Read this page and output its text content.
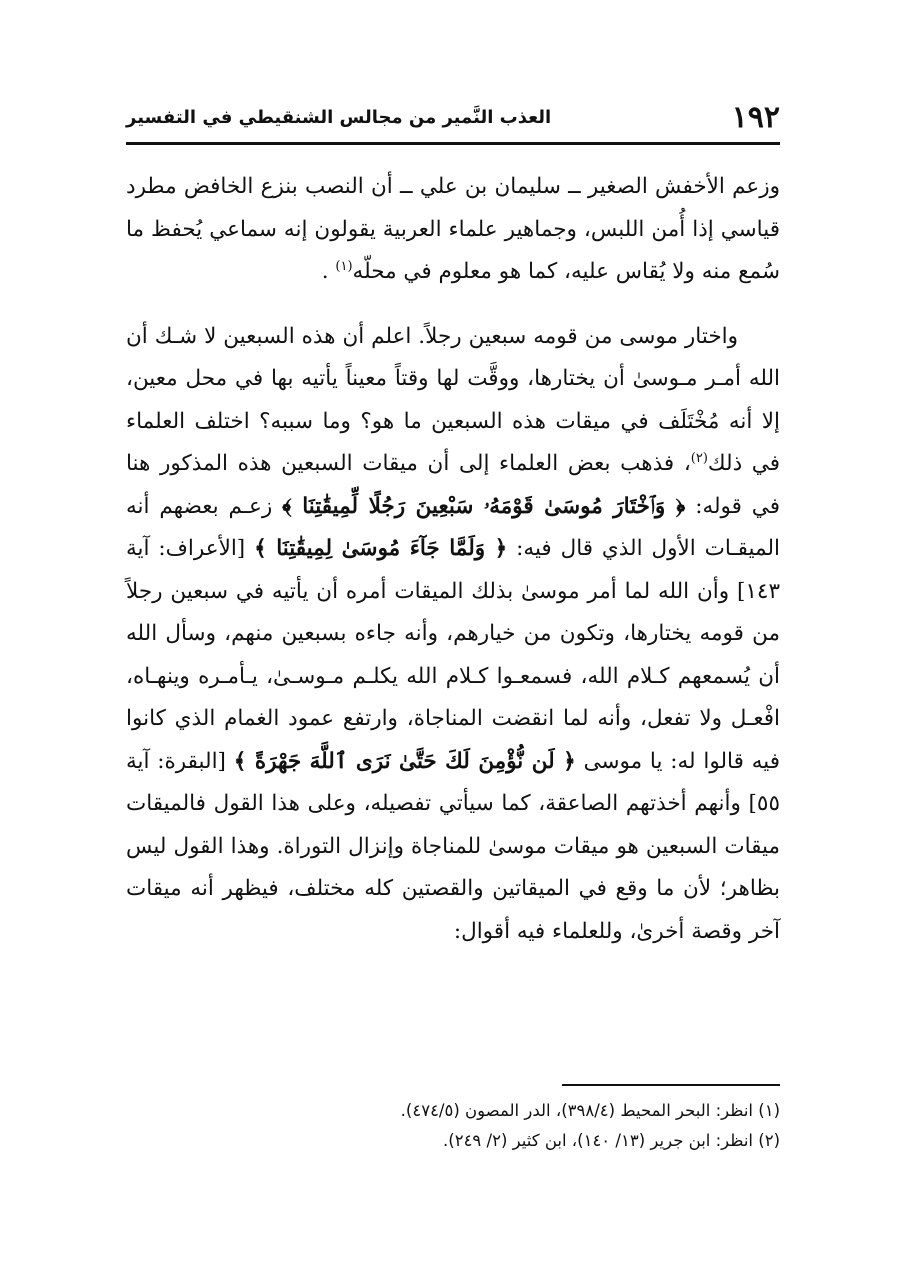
١٩٢
العذب النَّمير من مجالس الشنقيطي في التفسير

وزعم الأخفش الصغير ــ سليمان بن علي ــ أن النصب بنزع الخافض مطرد قياسي إذا أُمن اللبس، وجماهير علماء العربية يقولون إنه سماعي يُحفظ ما سُمع منه ولا يُقاس عليه، كما هو معلوم في محلّه$^{(١)}$ .

واختار موسى من قومه سبعين رجلاً. اعلم أن هذه السبعين لا شـك أن الله أمـر مـوسىٰ أن يختارها، ووقَّت لها وقتاً معيناً يأتيه بها في محل معين، إلا أنه مُخْتَلَف في ميقات هذه السبعين ما هو؟ وما سببه؟ اختلف العلماء في ذلك$^{(٢)}$، فذهب بعض العلماء إلى أن ميقات السبعين هذه المذكور هنا في قوله: ﴿ وَٱخْتَارَ مُوسَىٰ قَوْمَهُۥ سَبْعِينَ رَجُلًا لِّمِيقَٰتِنَا ﴾ زعـم بعضهم أنه الميقـات الأول الذي قال فيه: ﴿ وَلَمَّا جَآءَ مُوسَىٰ لِمِيقَٰتِنَا ﴾ [الأعراف: آية ١٤٣] وأن الله لما أمر موسىٰ بذلك الميقات أمره أن يأتيه في سبعين رجلاً من قومه يختارها، وتكون من خيارهم، وأنه جاءه بسبعين منهم، وسأل الله أن يُسمعهم كـلام الله، فسمعـوا كـلام الله يكلـم مـوسـىٰ، يـأمـره وينهـاه، افْعـل ولا تفعل، وأنه لما انقضت المناجاة، وارتفع عمود الغمام الذي كانوا فيه قالوا له: يا موسى ﴿ لَن نُّؤْمِنَ لَكَ حَتَّىٰ نَرَى ٱللَّهَ جَهْرَةً ﴾ [البقرة: آية ٥٥] وأنهم أخذتهم الصاعقة، كما سيأتي تفصيله، وعلى هذا القول فالميقات ميقات السبعين هو ميقات موسىٰ للمناجاة وإنزال التوراة. وهذا القول ليس بظاهر؛ لأن ما وقع في الميقاتين والقصتين كله مختلف، فيظهر أنه ميقات آخر وقصة أخرىٰ، وللعلماء فيه أقوال:

(١) انظر: البحر المحيط (٣٩٨/٤)، الدر المصون (٤٧٤/٥).
(٢) انظر: ابن جرير (١٣/ ١٤٠)، ابن كثير (٢/ ٢٤٩).
